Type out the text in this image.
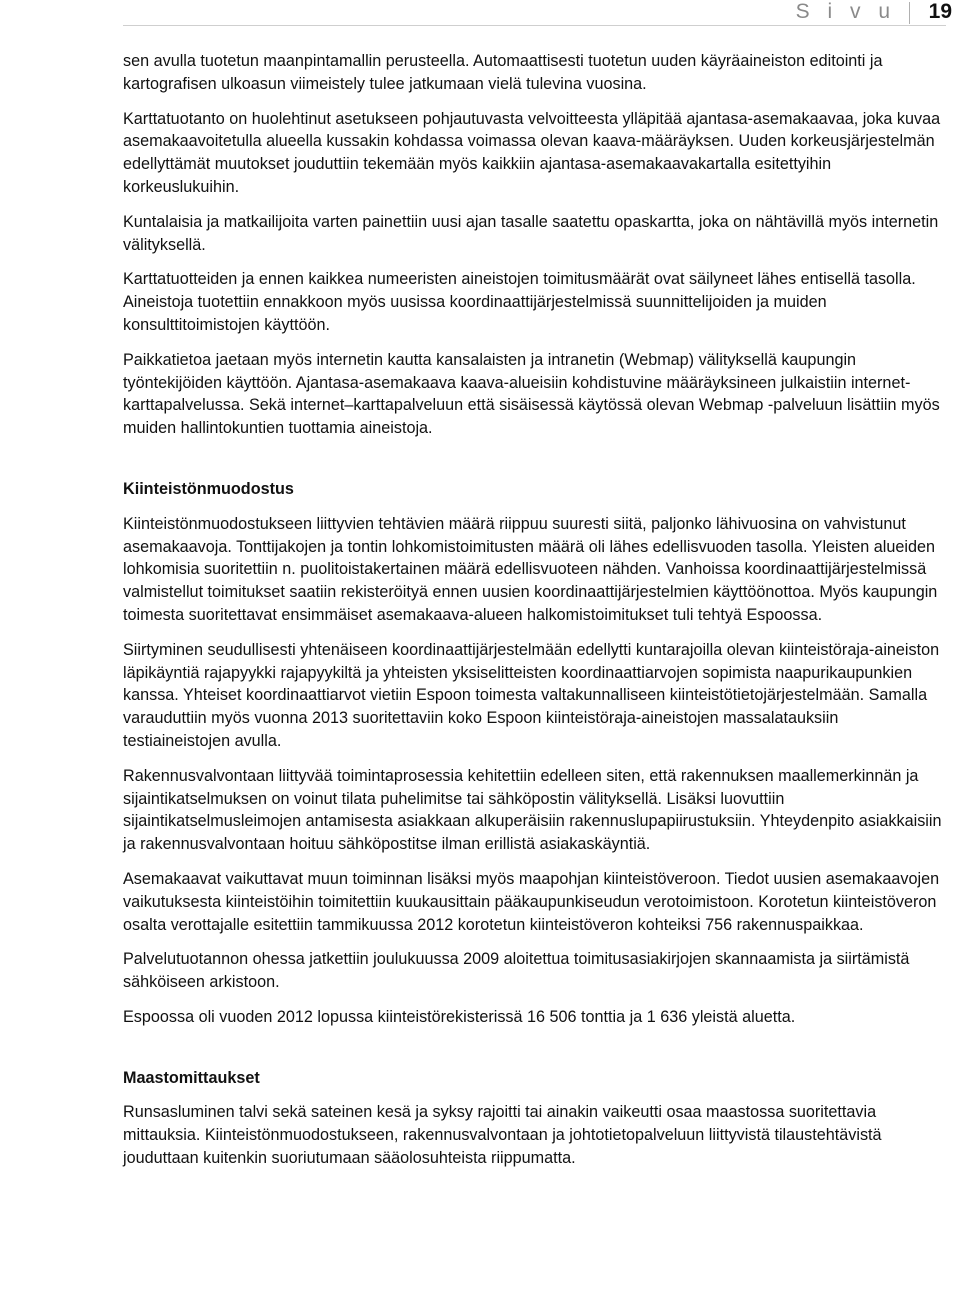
S i v u 19

sen avulla tuotetun maanpintamallin perusteella. Automaattisesti tuotetun uuden käyräaineiston editointi ja kartografisen ulkoasun viimeistely tulee jatkumaan vielä tulevina vuosina.

Karttatuotanto on huolehtinut asetukseen pohjautuvasta velvoitteesta ylläpitää ajantasa-asemakaavaa, joka kuvaa asemakaavoitetulla alueella kussakin kohdassa voimassa olevan kaava-määräyksen. Uuden korkeusjärjestelmän edellyttämät muutokset jouduttiin tekemään myös kaikkiin ajantasa-asemakaavakartalla esitettyihin korkeuslukuihin.

Kuntalaisia ja matkailijoita varten painettiin uusi ajan tasalle saatettu opaskartta, joka on nähtävillä myös internetin välityksellä.

Karttatuotteiden ja ennen kaikkea numeeristen aineistojen toimitusmäärät ovat säilyneet lähes entisellä tasolla. Aineistoja tuotettiin ennakkoon myös uusissa koordinaattijärjestelmissä suunnittelijoiden ja muiden konsulttitoimistojen käyttöön.

Paikkatietoa jaetaan myös internetin kautta kansalaisten ja intranetin (Webmap) välityksellä kaupungin työntekijöiden käyttöön. Ajantasa-asemakaava kaava-alueisiin kohdistuvine määräyksineen julkaistiin internet-karttapalvelussa. Sekä internet–karttapalveluun että sisäisessä käytössä olevan Webmap -palveluun lisättiin myös muiden hallintokuntien tuottamia aineistoja.

Kiinteistönmuodostus

Kiinteistönmuodostukseen liittyvien tehtävien määrä riippuu suuresti siitä, paljonko lähivuosina on vahvistunut asemakaavoja. Tonttijakojen ja tontin lohkomistoimitusten määrä oli lähes edellisvuoden tasolla. Yleisten alueiden lohkomisia suoritettiin n. puolitoistakertainen määrä edellisvuoteen nähden. Vanhoissa koordinaattijärjestelmissä valmistellut toimitukset saatiin rekisteröityä ennen uusien koordinaattijärjestelmien käyttöönottoa. Myös kaupungin toimesta suoritettavat ensimmäiset asemakaava-alueen halkomistoimitukset tuli tehtyä Espoossa.

Siirtyminen seudullisesti yhtenäiseen koordinaattijärjestelmään edellytti kuntarajoilla olevan kiinteistöraja-aineiston läpikäyntiä rajapyykki rajapyykiltä ja yhteisten yksiselitteisten koordinaattiarvojen sopimista naapurikaupunkien kanssa. Yhteiset koordinaattiarvot vietiin Espoon toimesta valtakunnalliseen kiinteistötietojärjestelmään. Samalla varauduttiin myös vuonna 2013 suoritettaviin koko Espoon kiinteistöraja-aineistojen massalatauksiin testiaineistojen avulla.

Rakennusvalvontaan liittyvää toimintaprosessia kehitettiin edelleen siten, että rakennuksen maallemerkinnän ja sijaintikatselmuksen on voinut tilata puhelimitse tai sähköpostin välityksellä. Lisäksi luovuttiin sijaintikatselmusleimojen antamisesta asiakkaan alkuperäisiin rakennuslupapiirustuksiin. Yhteydenpito asiakkaisiin ja rakennusvalvontaan hoituu sähköpostitse ilman erillistä asiakaskäyntiä.

Asemakaavat vaikuttavat muun toiminnan lisäksi myös maapohjan kiinteistöveroon. Tiedot uusien asemakaavojen vaikutuksesta kiinteistöihin toimitettiin kuukausittain pääkaupunkiseudun verotoimistoon. Korotetun kiinteistöveron osalta verottajalle esitettiin tammikuussa 2012 korotetun kiinteistöveron kohteiksi 756 rakennuspaikkaa.

Palvelutuotannon ohessa jatkettiin joulukuussa 2009 aloitettua toimitusasiakirjojen skannaamista ja siirtämistä sähköiseen arkistoon.

Espoossa oli vuoden 2012 lopussa kiinteistörekisterissä 16 506 tonttia ja 1 636 yleistä aluetta.

Maastomittaukset

Runsasluminen talvi sekä sateinen kesä ja syksy rajoitti tai ainakin vaikeutti osaa maastossa suoritettavia mittauksia. Kiinteistönmuodostukseen, rakennusvalvontaan ja johtotietopalveluun liittyvistä tilaustehtävistä jouduttaan kuitenkin suoriutumaan sääolosuhteista riippumatta.
